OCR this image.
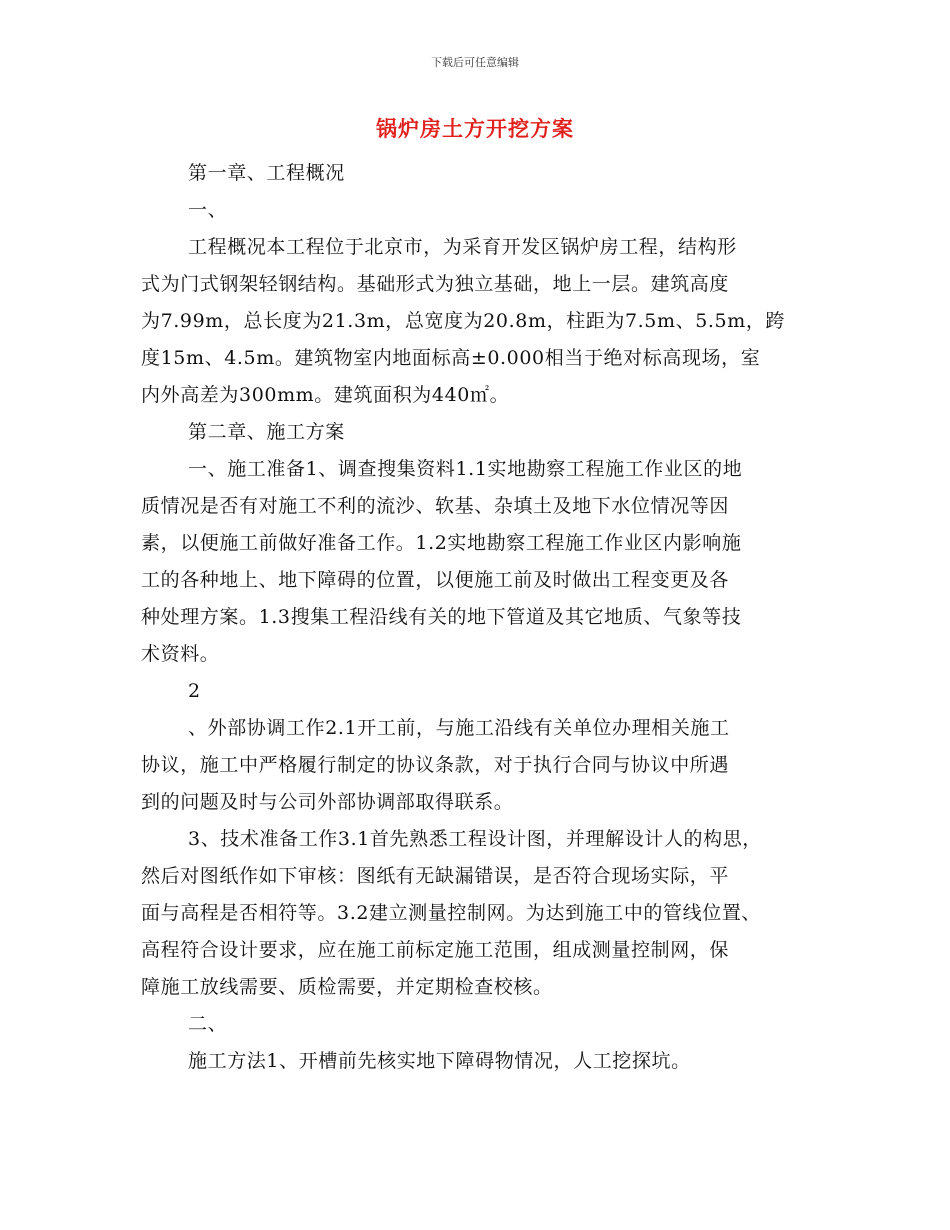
下载后可任意编辑
锅炉房土方开挖方案
第一章、工程概况
一、
工程概况本工程位于北京市，为采育开发区锅炉房工程，结构形
式为门式钢架轻钢结构。基础形式为独立基础，地上一层。建筑高度
为7.99m，总长度为21.3m，总宽度为20.8m，柱距为7.5m、5.5m，跨
度15m、4.5m。建筑物室内地面标高±0.000相当于绝对标高现场，室
内外高差为300mm。建筑面积为440㎡。
第二章、施工方案
一、施工准备1、调查搜集资料1.1实地勘察工程施工作业区的地
质情况是否有对施工不利的流沙、软基、杂填土及地下水位情况等因
素，以便施工前做好准备工作。1.2实地勘察工程施工作业区内影响施
工的各种地上、地下障碍的位置，以便施工前及时做出工程变更及各
种处理方案。1.3搜集工程沿线有关的地下管道及其它地质、气象等技
术资料。
2
、外部协调工作2.1开工前，与施工沿线有关单位办理相关施工
协议，施工中严格履行制定的协议条款，对于执行合同与协议中所遇
到的问题及时与公司外部协调部取得联系。
3、技术准备工作3.1首先熟悉工程设计图，并理解设计人的构思，
然后对图纸作如下审核：图纸有无缺漏错误，是否符合现场实际，平
面与高程是否相符等。3.2建立测量控制网。为达到施工中的管线位置、
高程符合设计要求，应在施工前标定施工范围，组成测量控制网，保
障施工放线需要、质检需要，并定期检查校核。
二、
施工方法1、开槽前先核实地下障碍物情况，人工挖探坑。
